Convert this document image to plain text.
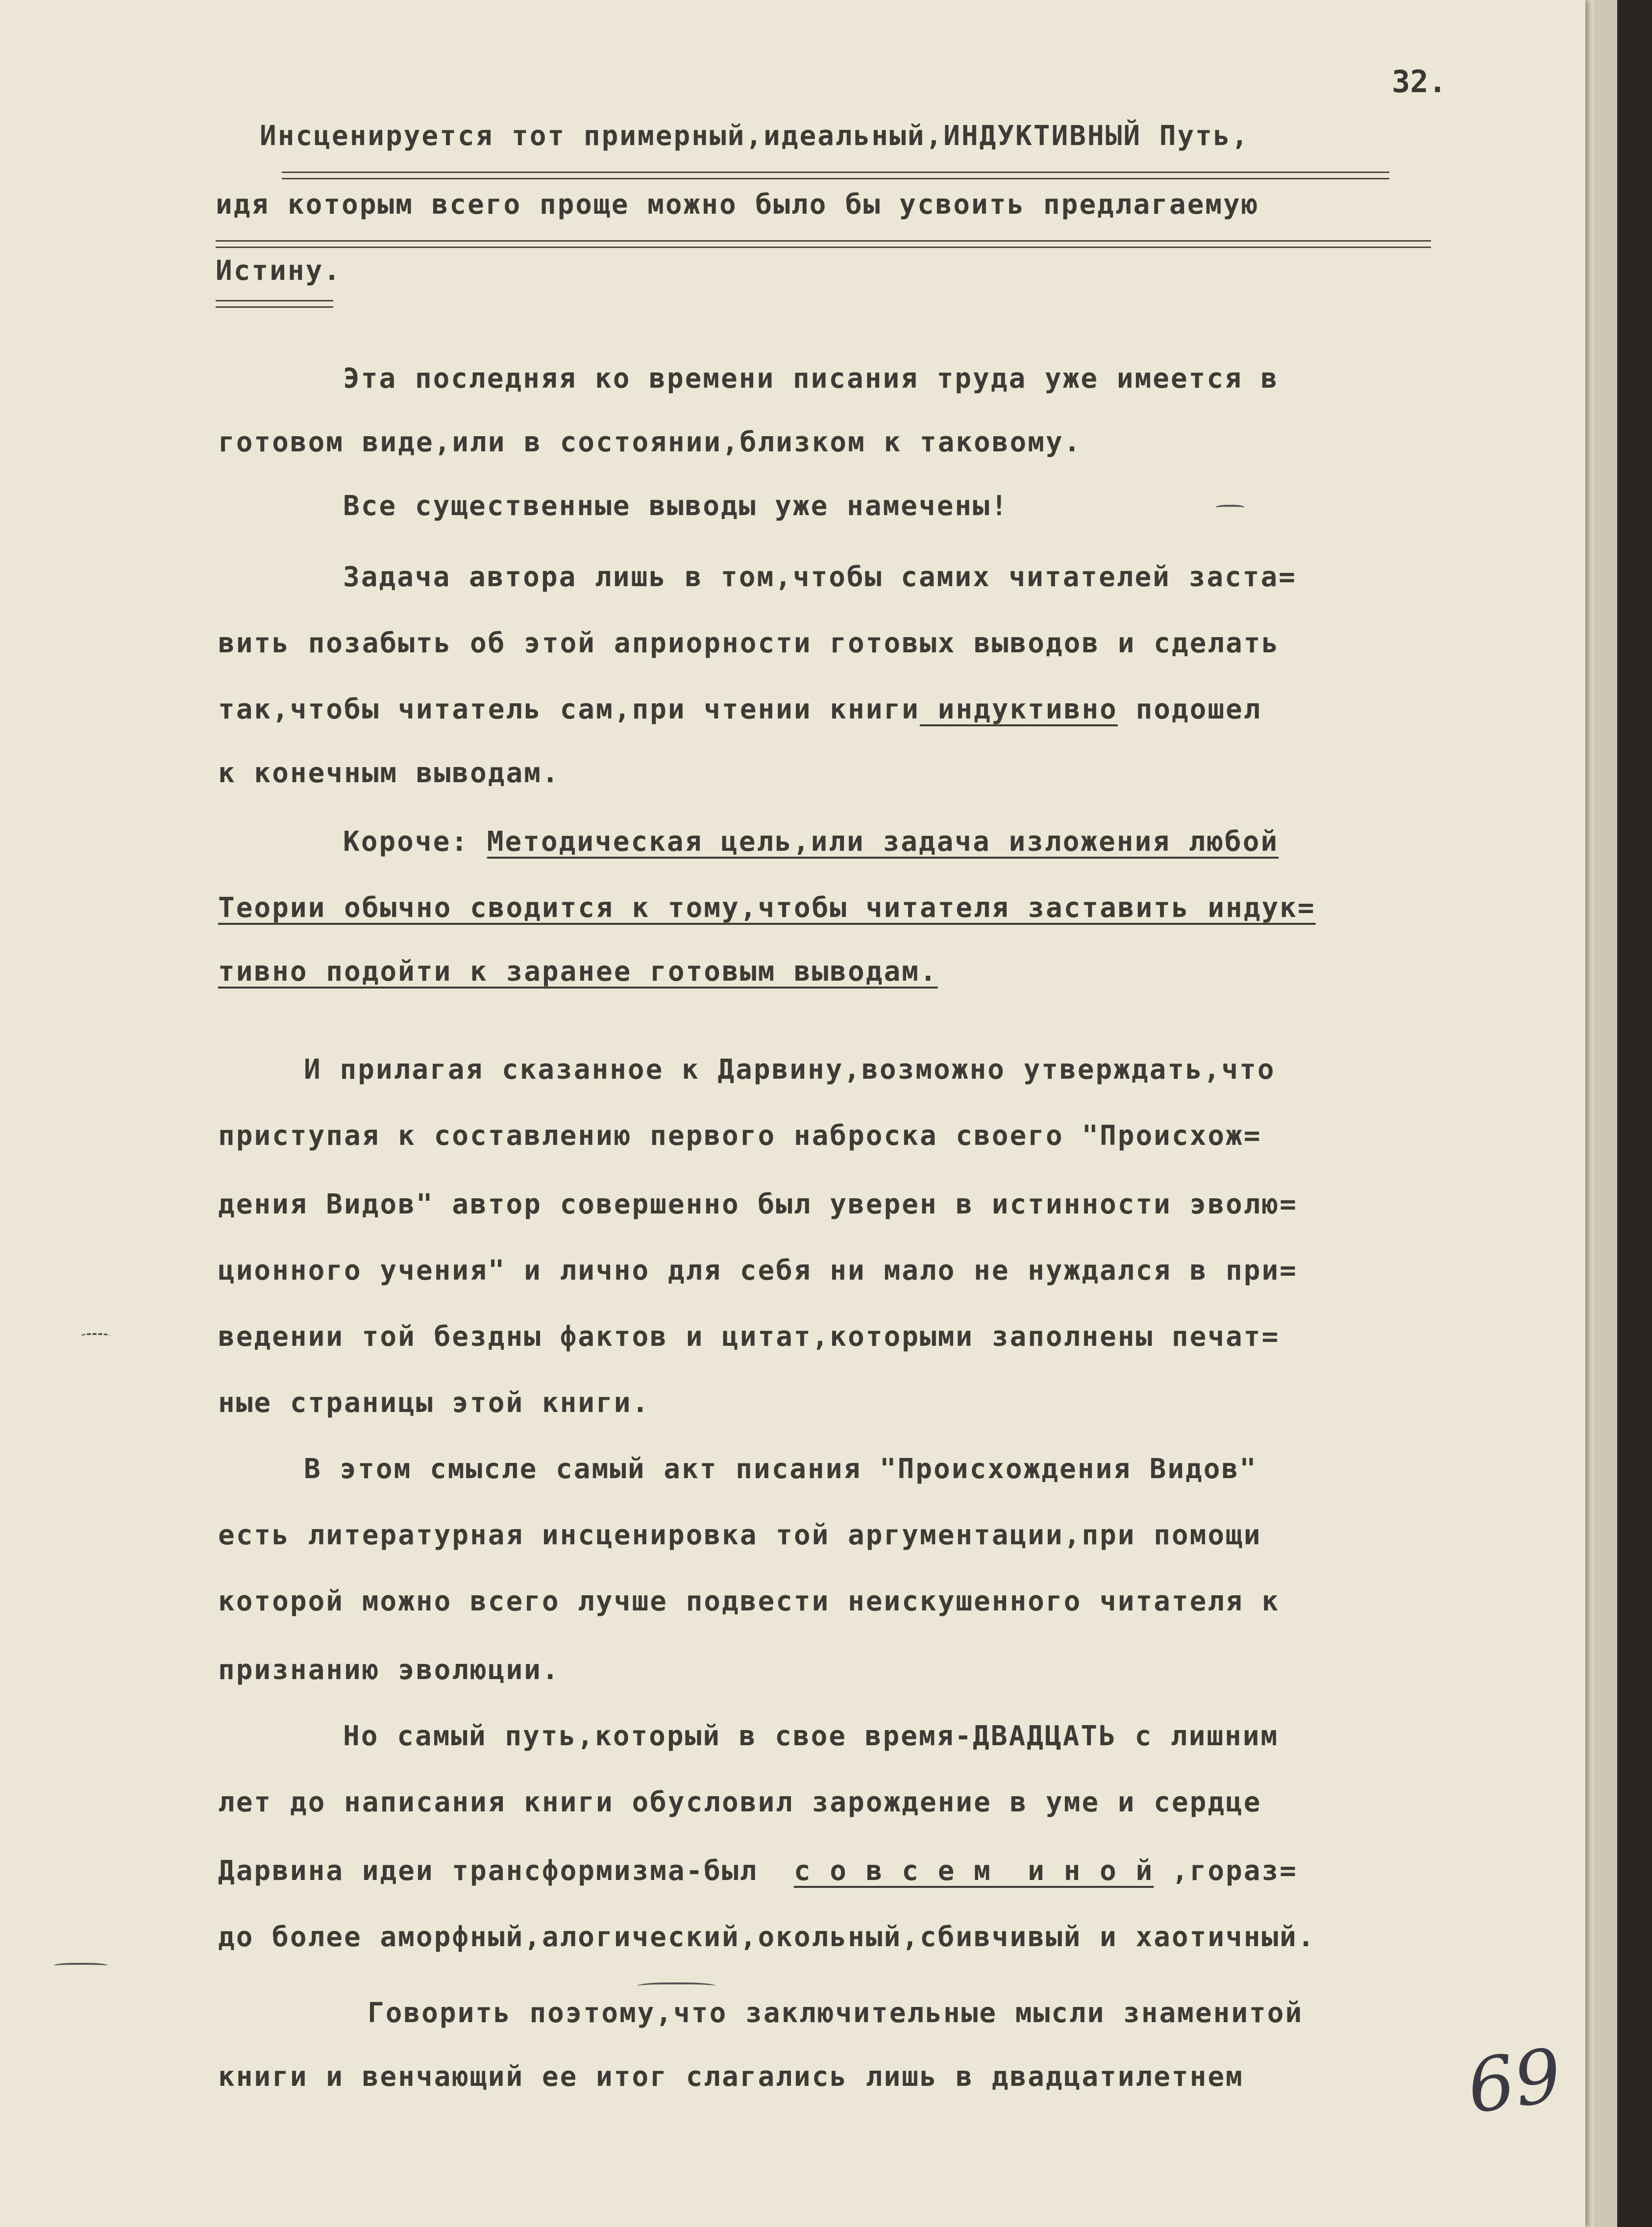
32.

Инсценируется тот примерный,идеальный,ИНДУКТИВНЫЙ Путь,

идя которым всего проще можно было бы усвоить предлагаемую

Истину.

Эта последняя ко времени писания труда уже имеется в

готовом виде,или в состоянии,близком к таковому.

Все существенные выводы уже намечены!

Задача автора лишь в том,чтобы самих читателей заста=

вить позабыть об этой априорности готовых выводов и сделать

так,чтобы читатель сам,при чтении книги индуктивно подошел

к конечным выводам.

Короче: Методическая цель,или задача изложения любой

Теории обычно сводится к тому,чтобы читателя заставить индук=

тивно подойти к заранее готовым выводам.

И прилагая сказанное к Дарвину,возможно утверждать,что

приступая к составлению первого наброска своего "Происхож=

дения Видов" автор совершенно был уверен в истинности эволю=

ционного учения" и лично для себя ни мало не нуждался в при=

ведении той бездны фактов и цитат,которыми заполнены печат=

ные страницы этой книги.

В этом смысле самый акт писания "Происхождения Видов"

есть литературная инсценировка той аргументации,при помощи

которой можно всего лучше подвести неискушенного читателя к

признанию эволюции.

Но самый путь,который в свое время-ДВАДЦАТЬ с лишним

лет до написания книги обусловил зарождение в уме и сердце

Дарвина идеи трансформизма-был  с о в с е м  и н о й ,гораз=

до более аморфный,алогический,окольный,сбивчивый и хаотичный.

Говорить поэтому,что заключительные мысли знаменитой

книги и венчающий ее итог слагались лишь в двадцатилетнем	69
